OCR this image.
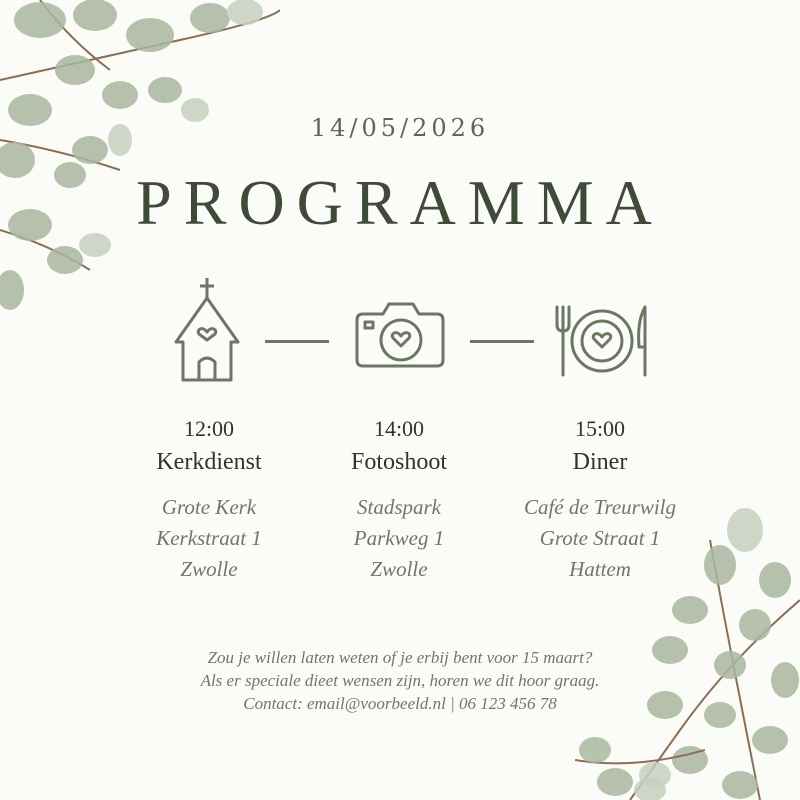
14/05/2026
PROGRAMMA
12:00
Kerkdienst
Grote Kerk
Kerkstraat 1
Zwolle
14:00
Fotoshoot
Stadspark
Parkweg 1
Zwolle
15:00
Diner
Café de Treurwilg
Grote Straat 1
Hattem
Zou je willen laten weten of je erbij bent voor 15 maart?
Als er speciale dieet wensen zijn, horen we dit hoor graag.
Contact: email@voorbeeld.nl | 06 123 456 78
